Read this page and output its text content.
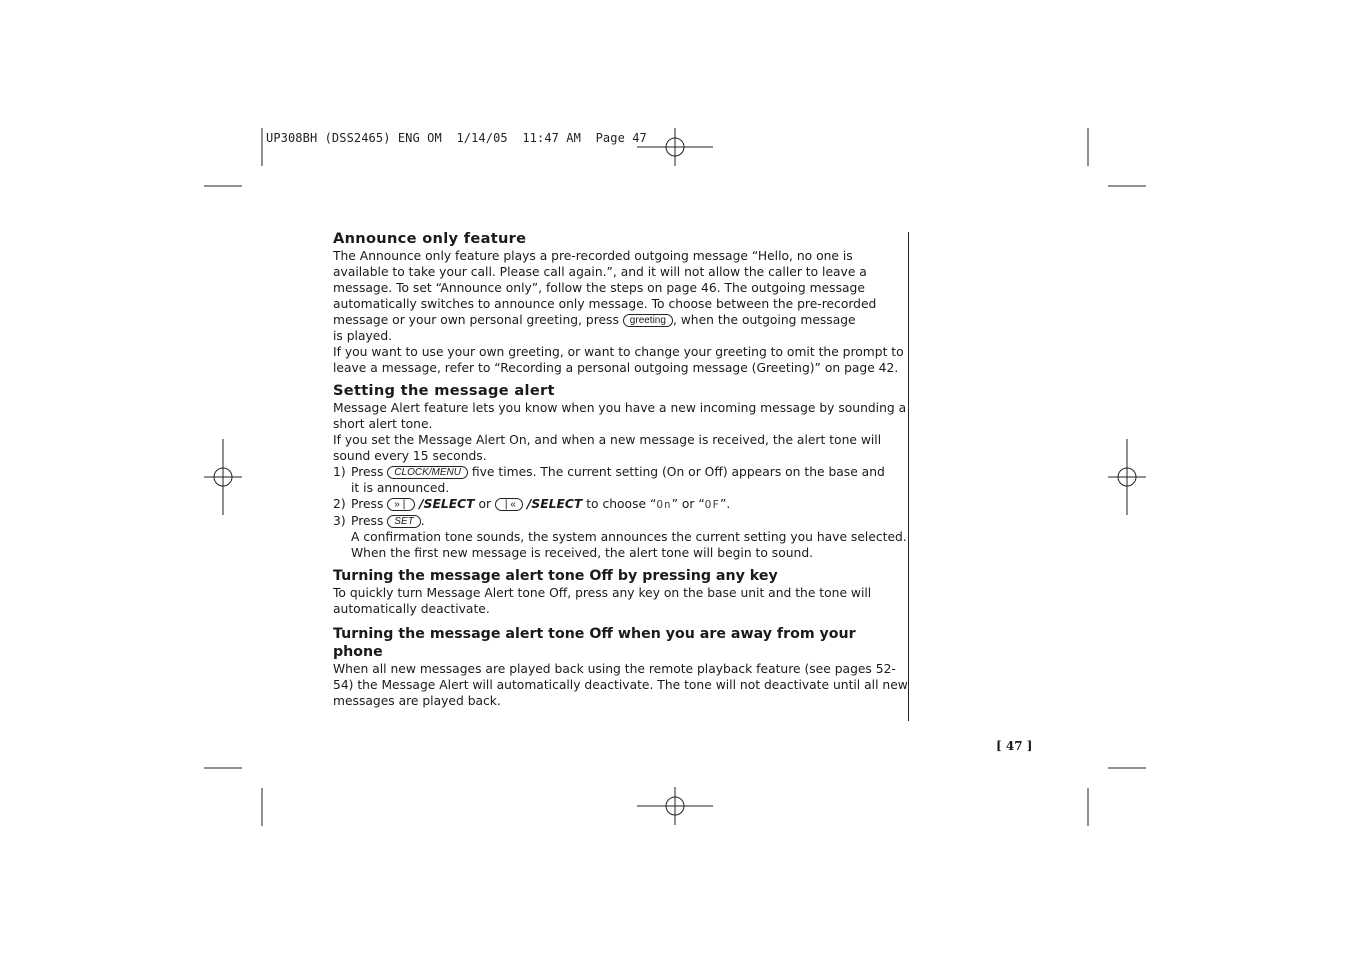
UP308BH (DSS2465) ENG OM  1/14/05  11:47 AM  Page 47
Announce only feature

The Announce only feature plays a pre-recorded outgoing message “Hello, no one is available to take your call. Please call again.”, and it will not allow the caller to leave a message. To set “Announce only”, follow the steps on page 46. The outgoing message automatically switches to announce only message. To choose between the pre-recorded message or your own personal greeting, press greeting , when the outgoing message

is played.

If you want to use your own greeting, or want to change your greeting to omit the prompt to leave a message, refer to “Recording a personal outgoing message (Greeting)” on page 42.

Setting the message alert

Message Alert feature lets you know when you have a new incoming message by sounding a short alert tone.

If you set the Message Alert On, and when a new message is received, the alert tone will sound every 15 seconds.

1) Press CLOCK/MENU five times. The current setting (On or Off) appears on the base and

it is announced.

2) Press »❘ /SELECT or ❘« /SELECT to choose “On” or “OF”.
3) Press SET .

A confirmation tone sounds, the system announces the current setting you have selected.

When the first new message is received, the alert tone will begin to sound.

Turning the message alert tone Off by pressing any key

To quickly turn Message Alert tone Off, press any key on the base unit and the tone will automatically deactivate.

Turning the message alert tone Off when you are away from your phone

When all new messages are played back using the remote playback feature (see pages 52-54) the Message Alert will automatically deactivate. The tone will not deactivate until all new messages are played back.

[ 47 ]
